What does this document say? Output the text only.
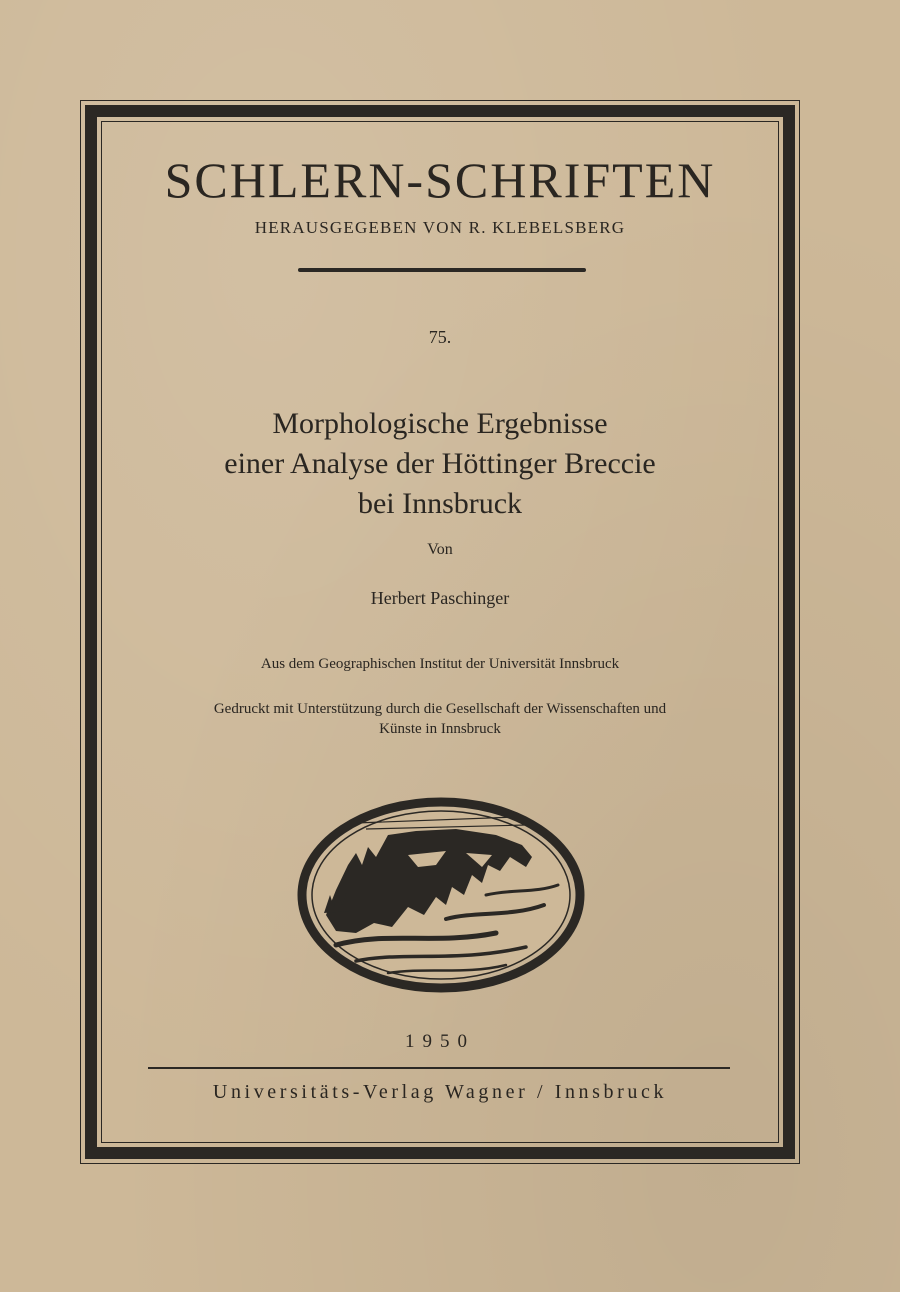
SCHLERN-SCHRIFTEN

HERAUSGEGEBEN VON R. KLEBELSBERG

75.

Morphologische Ergebnisse
einer Analyse der Höttinger Breccie
bei Innsbruck

Von

Herbert Paschinger

Aus dem Geographischen Institut der Universität Innsbruck

Gedruckt mit Unterstützung durch die Gesellschaft der Wissenschaften und
Künste in Innsbruck

1950

Universitäts-Verlag Wagner / Innsbruck
